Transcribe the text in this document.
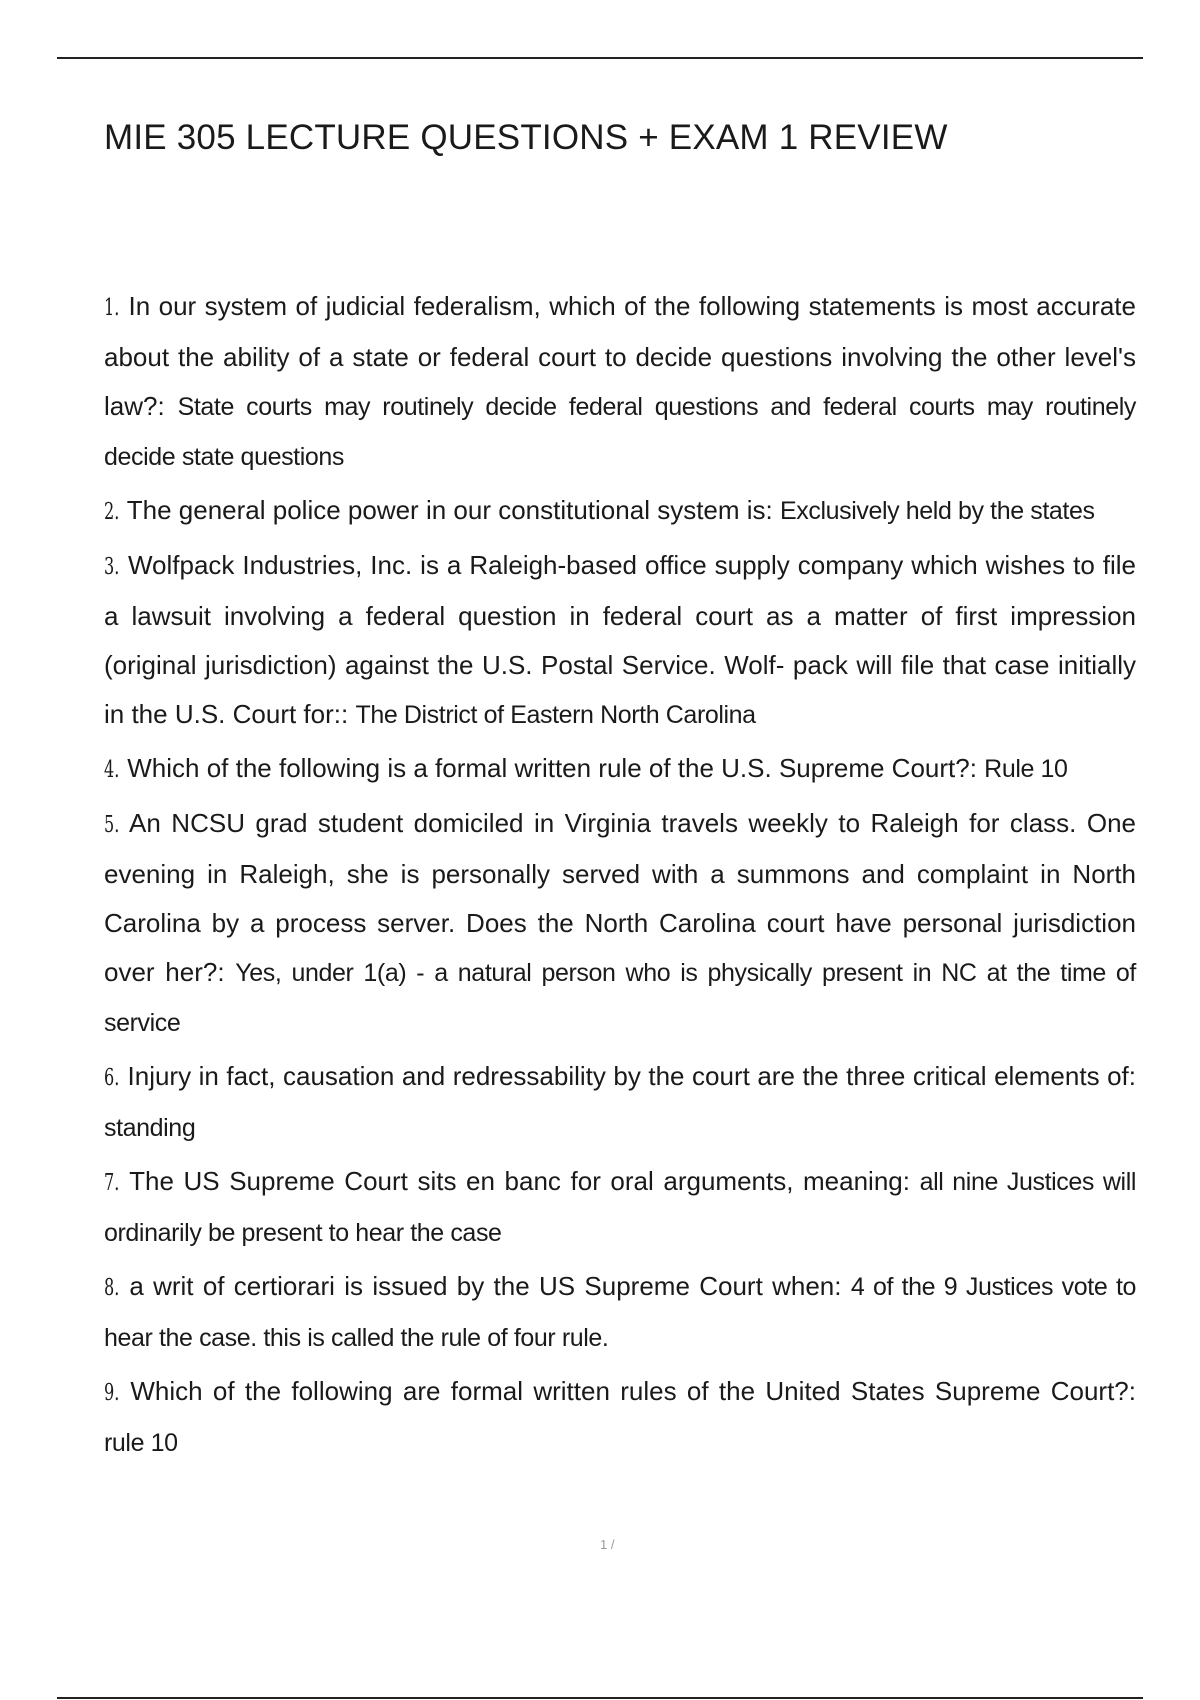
MIE 305 LECTURE QUESTIONS + EXAM 1 REVIEW
1. In our system of judicial federalism, which of the following statements is most accurate about the ability of a state or federal court to decide questions involving the other level's law?: State courts may routinely decide federal questions and federal courts may routinely decide state questions
2. The general police power in our constitutional system is: Exclusively held by the states
3. Wolfpack Industries, Inc. is a Raleigh-based office supply company which wishes to file a lawsuit involving a federal question in federal court as a matter of first impression (original jurisdiction) against the U.S. Postal Service. Wolf- pack will file that case initially in the U.S. Court for:: The District of Eastern North Carolina
4. Which of the following is a formal written rule of the U.S. Supreme Court?: Rule 10
5. An NCSU grad student domiciled in Virginia travels weekly to Raleigh for class. One evening in Raleigh, she is personally served with a summons and complaint in North Carolina by a process server. Does the North Carolina court have personal jurisdiction over her?: Yes, under 1(a) - a natural person who is physically present in NC at the time of service
6. Injury in fact, causation and redressability by the court are the three critical elements of: standing
7. The US Supreme Court sits en banc for oral arguments, meaning: all nine Justices will ordinarily be present to hear the case
8. a writ of certiorari is issued by the US Supreme Court when: 4 of the 9 Justices vote to hear the case. this is called the rule of four rule.
9. Which of the following are formal written rules of the United States Supreme Court?: rule 10
1 /
